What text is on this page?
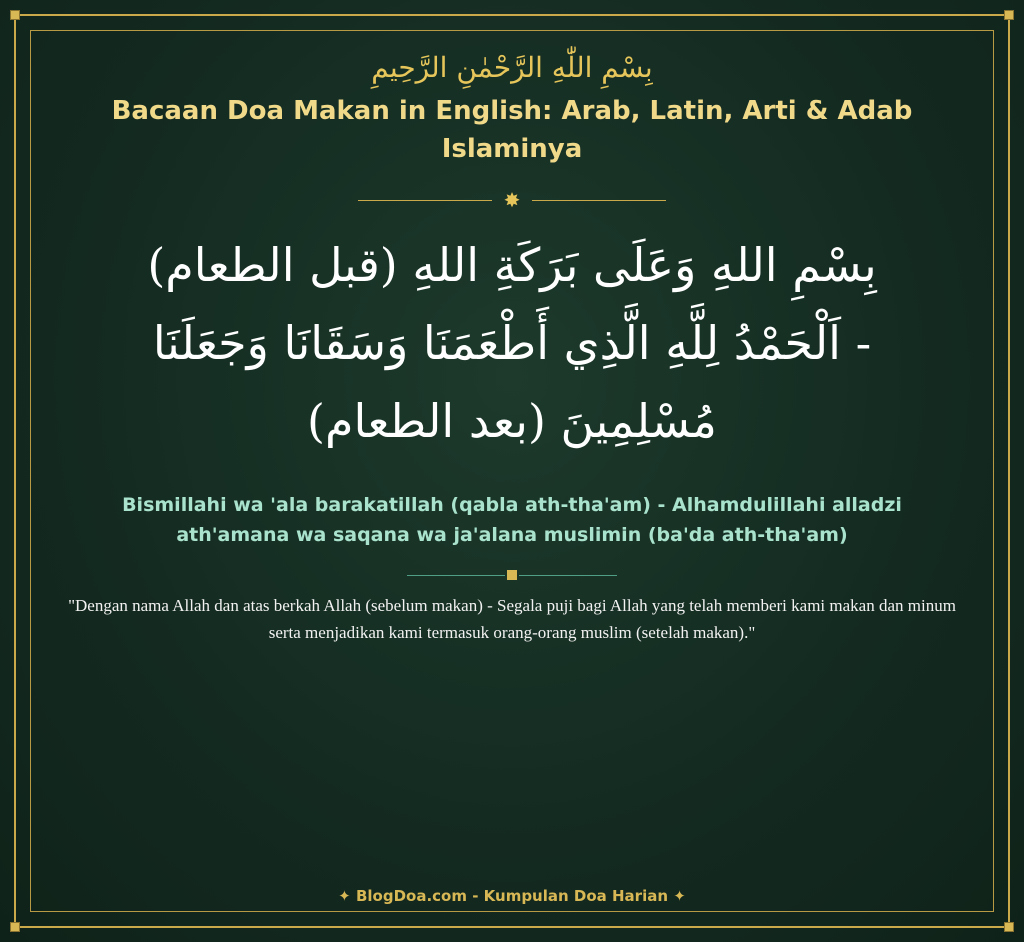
بِسْمِ اللّٰهِ الرَّحْمٰنِ الرَّحِيمِ
Bacaan Doa Makan in English: Arab, Latin, Arti & Adab Islaminya
✸
بِسْمِ اللهِ وَعَلَى بَرَكَةِ اللهِ (قبل الطعام) - اَلْحَمْدُ لِلَّهِ الَّذِي أَطْعَمَنَا وَسَقَانَا وَجَعَلَنَا مُسْلِمِينَ (بعد الطعام)
Bismillahi wa 'ala barakatillah (qabla ath-tha'am) - Alhamdulillahi alladzi ath'amana wa saqana wa ja'alana muslimin (ba'da ath-tha'am)
"Dengan nama Allah dan atas berkah Allah (sebelum makan) - Segala puji bagi Allah yang telah memberi kami makan dan minum serta menjadikan kami termasuk orang-orang muslim (setelah makan)."
✦ BlogDoa.com - Kumpulan Doa Harian ✦
